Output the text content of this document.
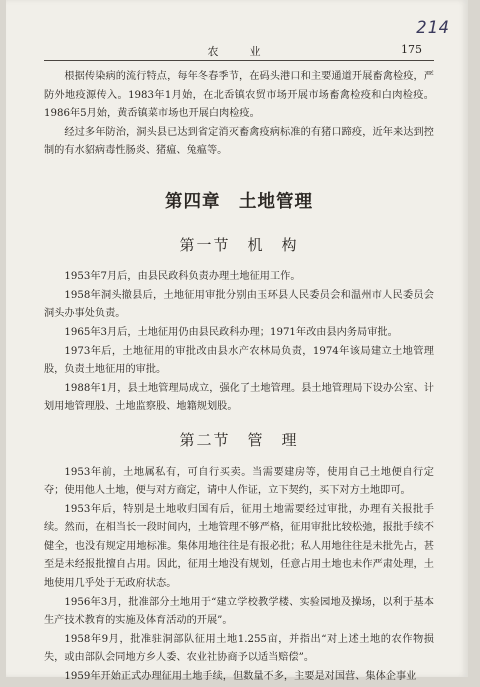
214
农　业	175

根据传染病的流行特点，每年冬春季节，在码头港口和主要通道开展畜禽检疫，严防外地疫源传入。1983年1月始，在北岙镇农贸市场开展市场畜禽检疫和白肉检疫。1986年5月始，黄岙镇菜市场也开展白肉检疫。

经过多年防治，洞头县已达到省定消灭畜禽疫病标准的有猪口蹄疫，近年来达到控制的有水貂病毒性肠炎、猪瘟、兔瘟等。

第四章　土地管理
第一节　机　构

1953年7月后，由县民政科负责办理土地征用工作。

1958年洞头撤县后，土地征用审批分别由玉环县人民委员会和温州市人民委员会洞头办事处负责。

1965年3月后，土地征用仍由县民政科办理；1971年改由县内务局审批。

1973年后，土地征用的审批改由县水产农林局负责，1974年该局建立土地管理股，负责土地征用的审批。

1988年1月，县土地管理局成立，强化了土地管理。县土地管理局下设办公室、计划用地管理股、土地监察股、地籍规划股。

第二节　管　理

1953年前，土地属私有，可自行买卖。当需要建房等，使用自己土地便自行定夺；使用他人土地，便与对方商定，请中人作证，立下契约，买下对方土地即可。

1953年后，特别是土地收归国有后，征用土地需要经过审批，办理有关报批手续。然而，在相当长一段时间内，土地管理不够严格，征用审批比较松弛，报批手续不健全，也没有规定用地标准。集体用地往往是有报必批；私人用地往往是未批先占，甚至是未经报批擅自占用。因此，征用土地没有规划，任意占用土地也未作严肃处理，土地使用几乎处于无政府状态。

1956年3月，批准部分土地用于“建立学校教学楼、实验园地及操场，以利于基本生产技术教育的实施及体育活动的开展”。

1958年9月，批准驻洞部队征用土地1.255亩，并指出“对上述土地的农作物损失，或由部队会同地方乡人委、农业社协商予以适当赔偿”。

1959年开始正式办理征用土地手续，但数量不多，主要是对国营、集体企事业
